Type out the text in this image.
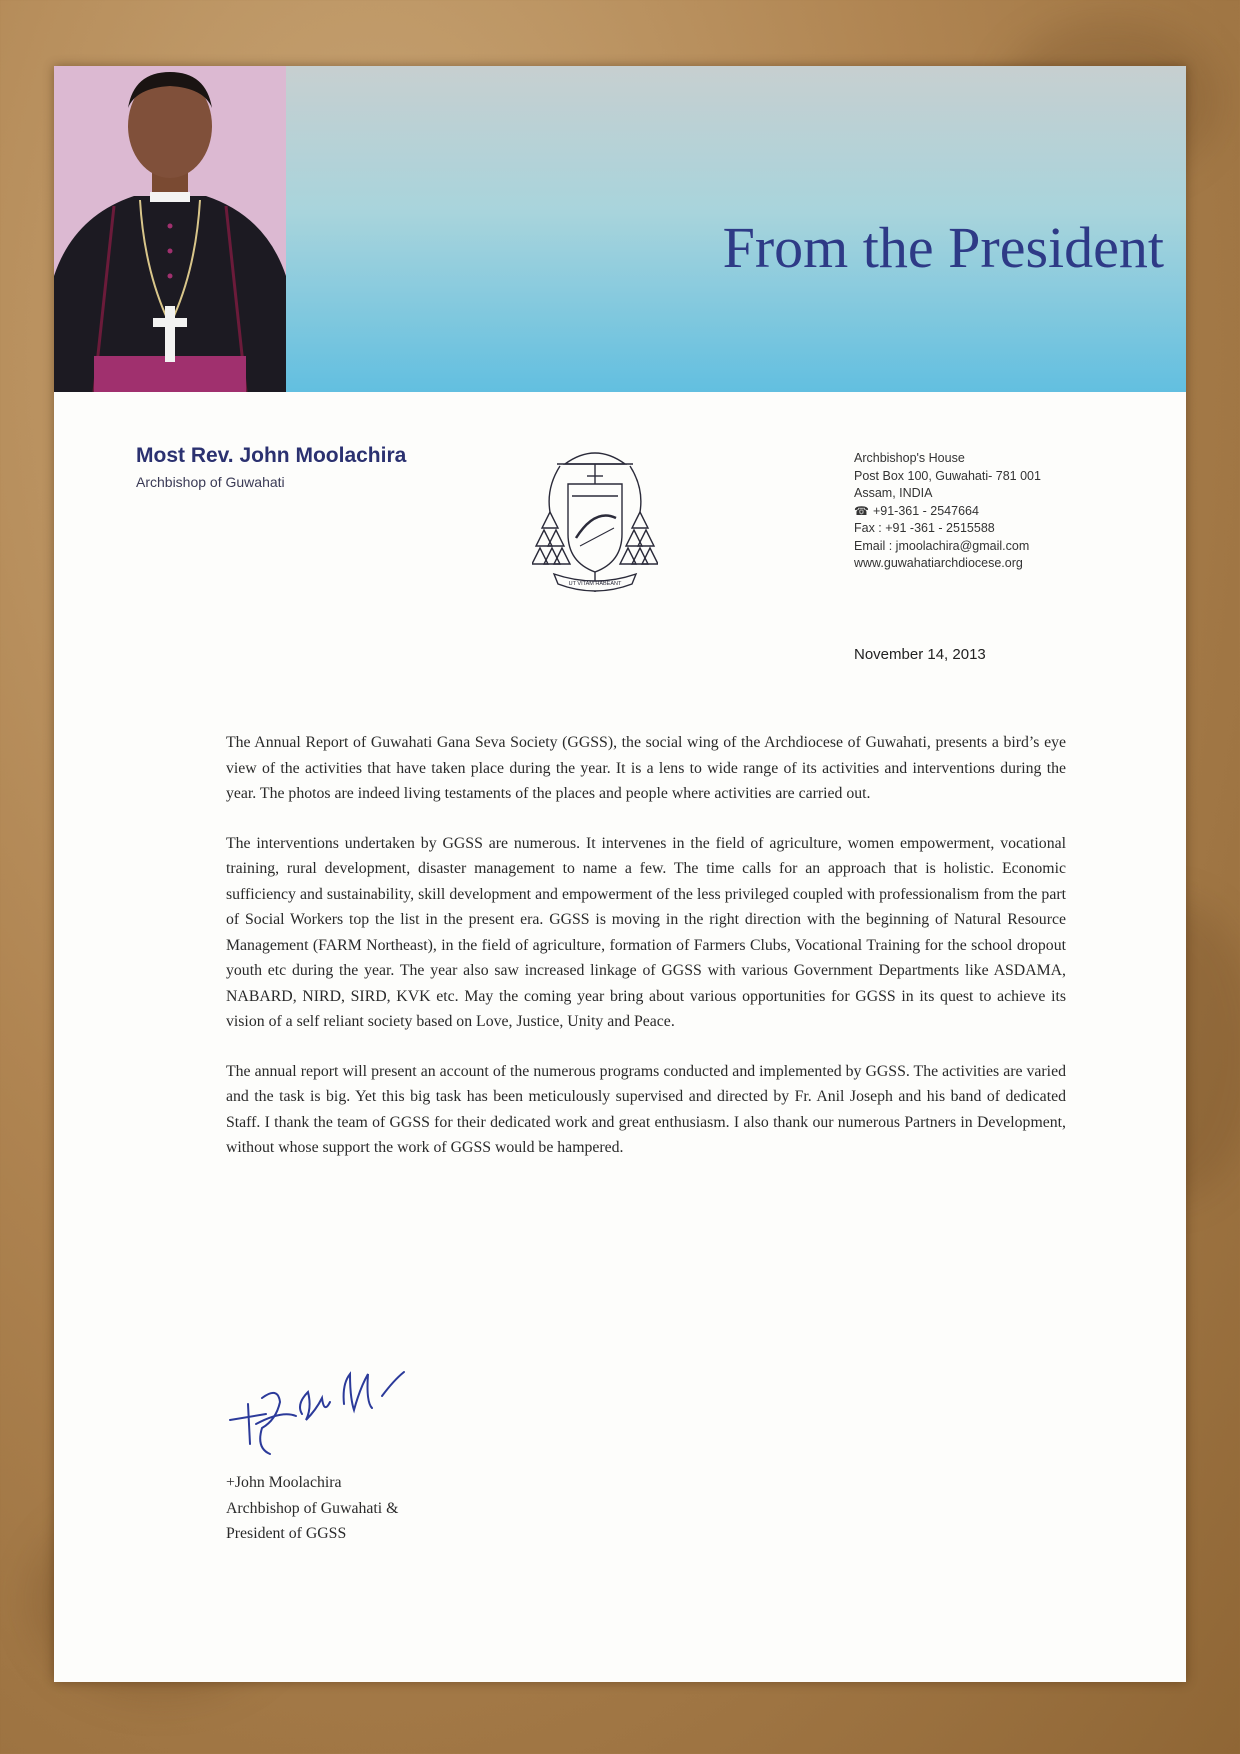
From the President
Most Rev. John Moolachira
Archbishop of Guwahati
UT VITAM HABEANT
Archbishop's House
Post Box 100, Guwahati- 781 001
Assam, INDIA
☎ +91-361 - 2547664
Fax : +91 -361 - 2515588
Email : jmoolachira@gmail.com
www.guwahatiarchdiocese.org
November 14, 2013

The Annual Report of Guwahati Gana Seva Society (GGSS), the social wing of the Archdiocese of Guwahati, presents a bird’s eye view of the activities that have taken place during the year. It is a lens to wide range of its activities and interventions during the year. The photos are indeed living testaments of the places and people where activities are carried out.

The interventions undertaken by GGSS are numerous. It intervenes in the field of agriculture, women empowerment, vocational training, rural development, disaster management to name a few. The time calls for an approach that is holistic. Economic sufficiency and sustainability, skill development and empowerment of the less privileged coupled with professionalism from the part of Social Workers top the list in the present era. GGSS is moving in the right direction with the beginning of Natural Resource Management (FARM Northeast), in the field of agriculture, formation of Farmers Clubs, Vocational Training for the school dropout youth etc during the year. The year also saw increased linkage of GGSS with various Government Departments like ASDAMA, NABARD, NIRD, SIRD, KVK etc. May the coming year bring about various opportunities for GGSS in its quest to achieve its vision of a self reliant society based on Love, Justice, Unity and Peace.

The annual report will present an account of the numerous programs conducted and implemented by GGSS. The activities are varied and the task is big. Yet this big task has been meticulously supervised and directed by Fr. Anil Joseph and his band of dedicated Staff. I thank the team of GGSS for their dedicated work and great enthusiasm. I also thank our numerous Partners in Development, without whose support the work of GGSS would be hampered.

+John Moolachira
Archbishop of Guwahati &
President of GGSS
